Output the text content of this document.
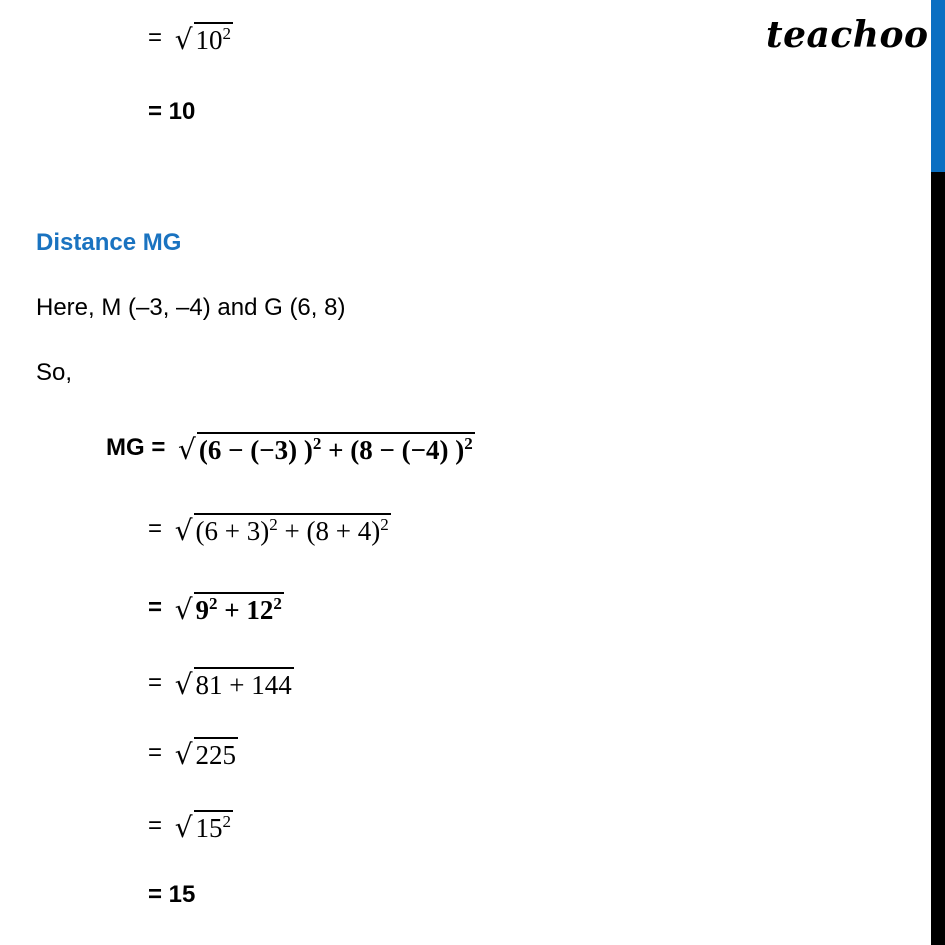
teachoo
= √ $10^2$
= 10
Distance MG
Here, M (–3, –4) and G (6, 8)
So,
MG = √ (6 − (−3) )$^2$ + (8 − (−4) )$^2$
= √ $(6 + 3)^2 + (8 + 4)^2$
= √ $9^2 + 12^2$
= √ 81 + 144
= √ 225
= √ $15^2$
= 15
